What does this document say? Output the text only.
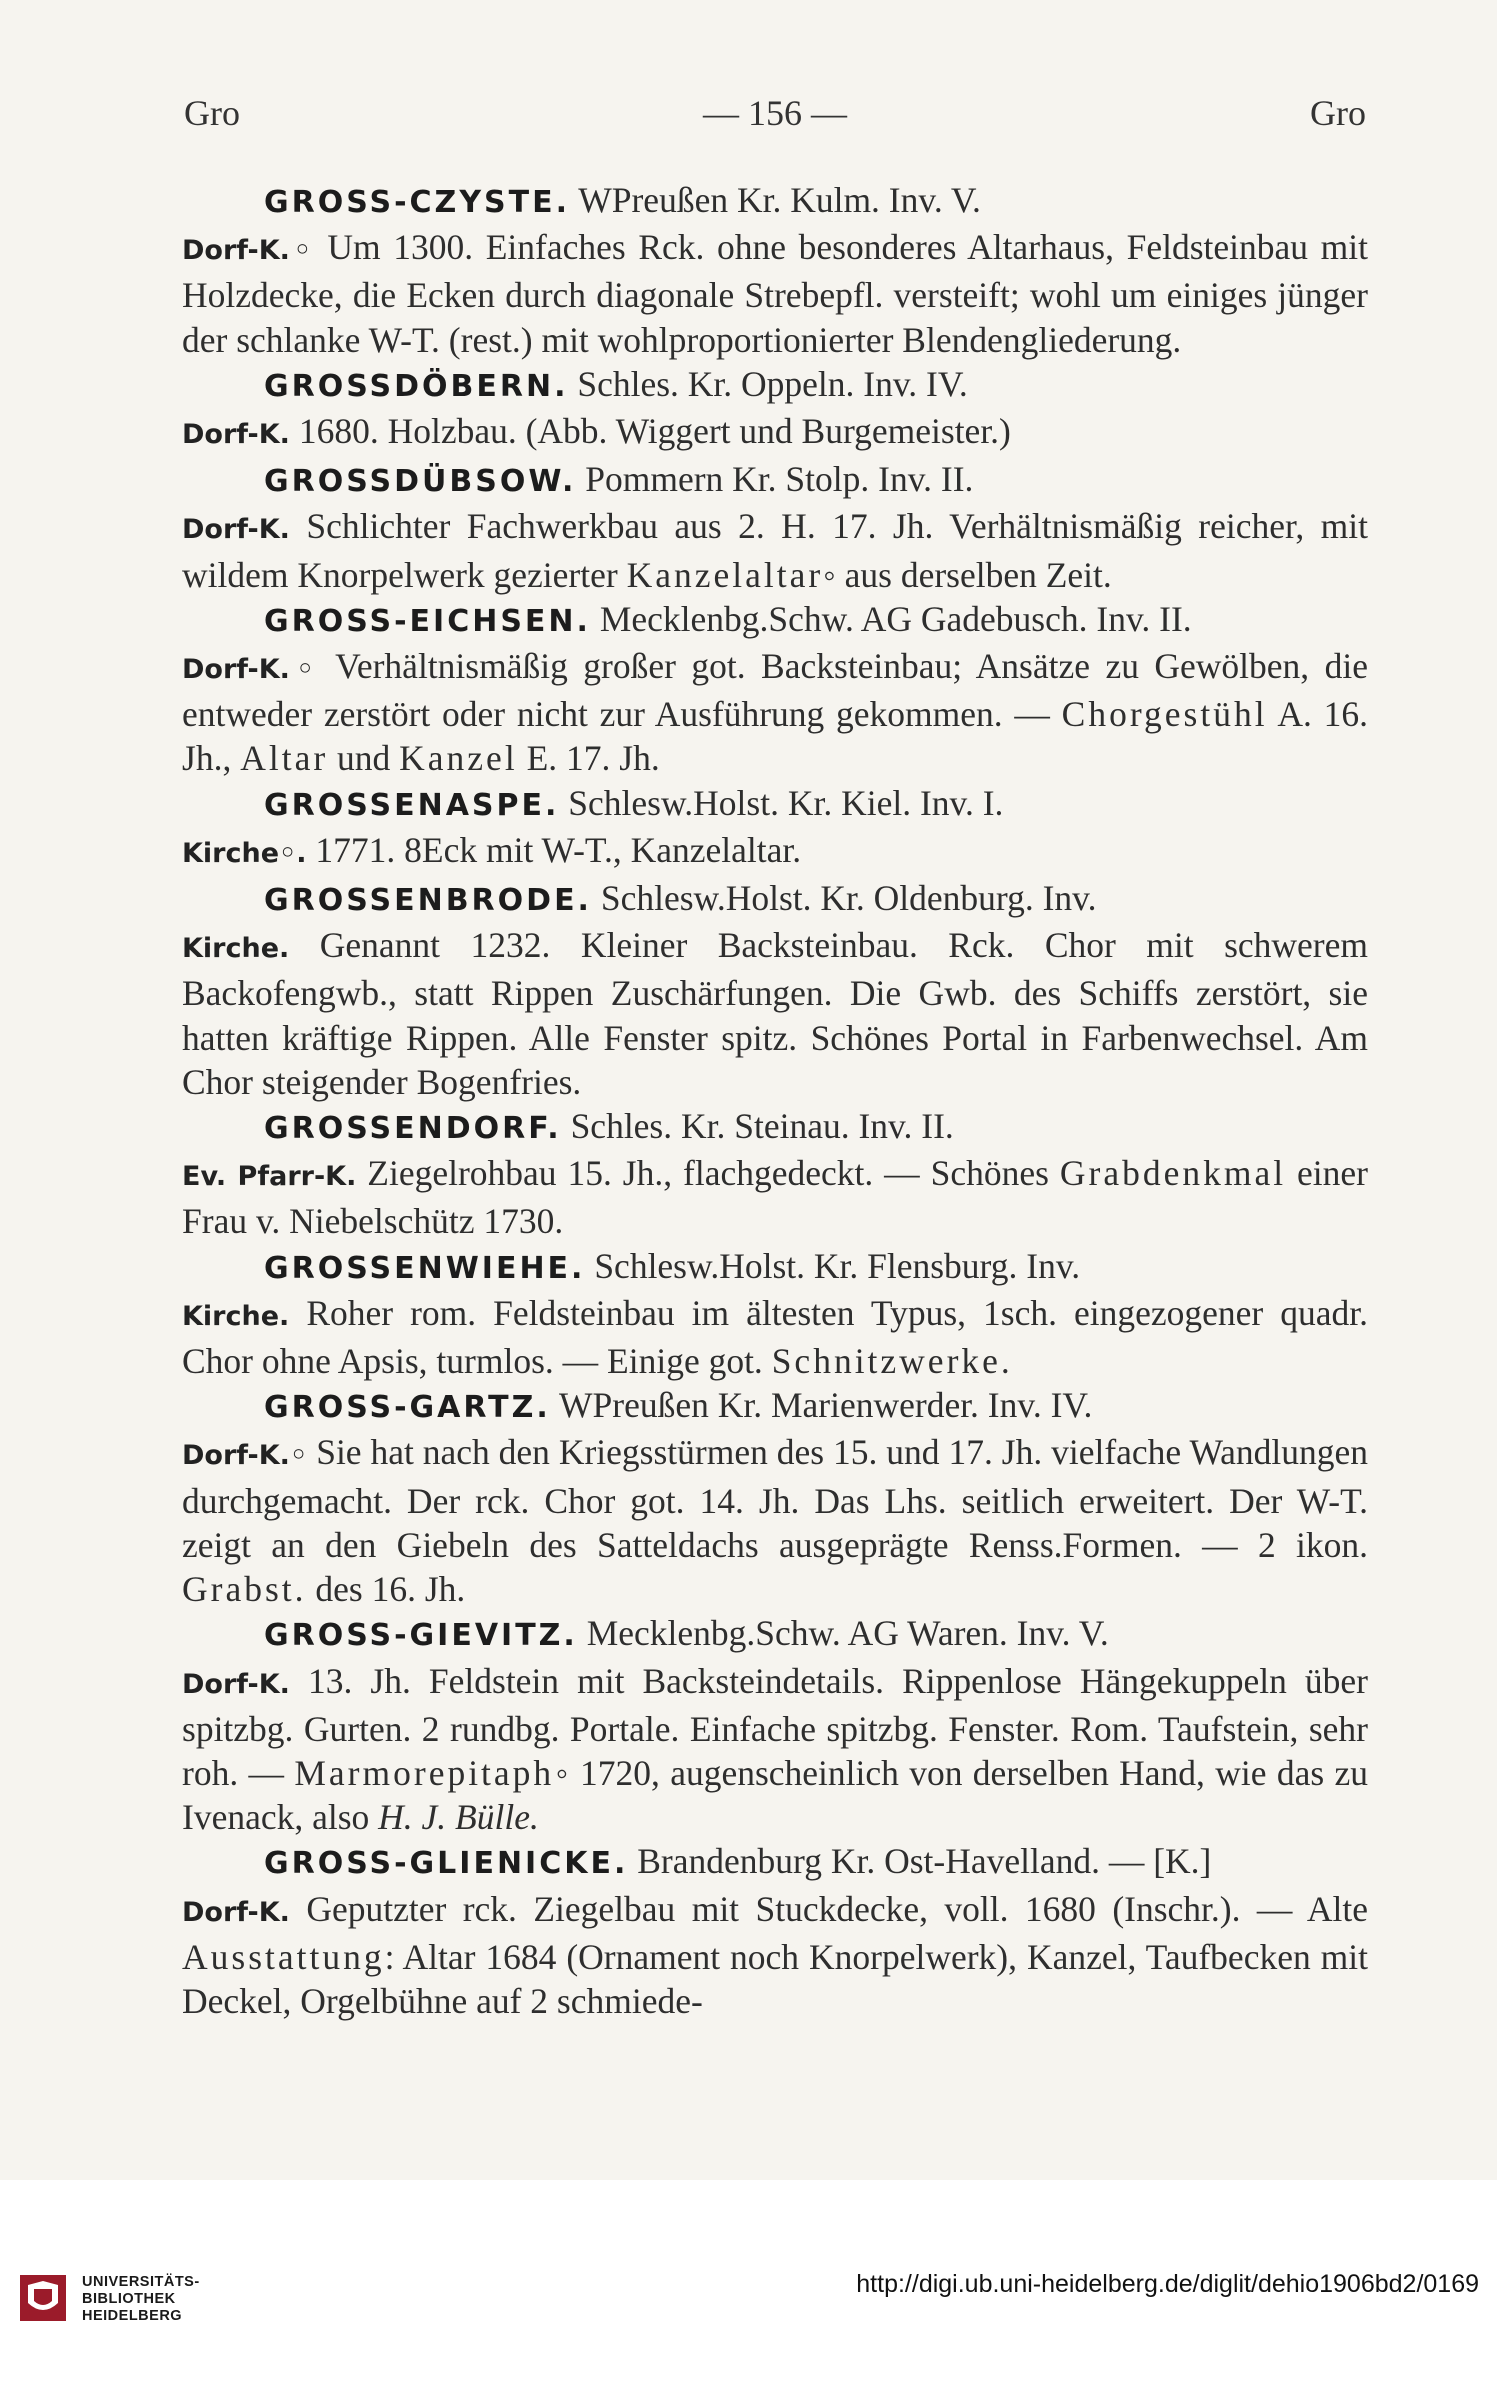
Gro	— 156 —	Gro
GROSS-CZYSTE. WPreußen Kr. Kulm. Inv. V.
Dorf-K.◦ Um 1300. Einfaches Rck. ohne besonderes Altarhaus, Feldsteinbau mit Holzdecke, die Ecken durch diagonale Strebepfl. versteift; wohl um einiges jünger der schlanke W-T. (rest.) mit wohlproportionierter Blendengliederung.
GROSSDÖBERN. Schles. Kr. Oppeln. Inv. IV.
Dorf-K. 1680. Holzbau. (Abb. Wiggert und Burgemeister.)
GROSSDÜBSOW. Pommern Kr. Stolp. Inv. II.
Dorf-K. Schlichter Fachwerkbau aus 2. H. 17. Jh. Verhältnismäßig reicher, mit wildem Knorpelwerk gezierter Kanzelaltar◦ aus derselben Zeit.
GROSS-EICHSEN. Mecklenbg.Schw. AG Gadebusch. Inv. II.
Dorf-K.◦ Verhältnismäßig großer got. Backsteinbau; Ansätze zu Gewölben, die entweder zerstört oder nicht zur Ausführung gekommen. — Chorgestühl A. 16. Jh., Altar und Kanzel E. 17. Jh.
GROSSENASPE. Schlesw.Holst. Kr. Kiel. Inv. I.
Kirche◦. 1771. 8Eck mit W-T., Kanzelaltar.
GROSSENBRODE. Schlesw.Holst. Kr. Oldenburg. Inv.
Kirche. Genannt 1232. Kleiner Backsteinbau. Rck. Chor mit schwerem Backofengwb., statt Rippen Zuschärfungen. Die Gwb. des Schiffs zerstört, sie hatten kräftige Rippen. Alle Fenster spitz. Schönes Portal in Farbenwechsel. Am Chor steigender Bogenfries.
GROSSENDORF. Schles. Kr. Steinau. Inv. II.
Ev. Pfarr-K. Ziegelrohbau 15. Jh., flachgedeckt. — Schönes Grabdenkmal einer Frau v. Niebelschütz 1730.
GROSSENWIEHE. Schlesw.Holst. Kr. Flensburg. Inv.
Kirche. Roher rom. Feldsteinbau im ältesten Typus, 1sch. eingezogener quadr. Chor ohne Apsis, turmlos. — Einige got. Schnitzwerke.
GROSS-GARTZ. WPreußen Kr. Marienwerder. Inv. IV.
Dorf-K.◦ Sie hat nach den Kriegsstürmen des 15. und 17. Jh. vielfache Wandlungen durchgemacht. Der rck. Chor got. 14. Jh. Das Lhs. seitlich erweitert. Der W-T. zeigt an den Giebeln des Satteldachs ausgeprägte Renss.Formen. — 2 ikon. Grabst. des 16. Jh.
GROSS-GIEVITZ. Mecklenbg.Schw. AG Waren. Inv. V.
Dorf-K. 13. Jh. Feldstein mit Backsteindetails. Rippenlose Hängekuppeln über spitzbg. Gurten. 2 rundbg. Portale. Einfache spitzbg. Fenster. Rom. Taufstein, sehr roh. — Marmorepitaph◦ 1720, augenscheinlich von derselben Hand, wie das zu Ivenack, also H. J. Bülle.
GROSS-GLIENICKE. Brandenburg Kr. Ost-Havelland. — [K.]
Dorf-K. Geputzter rck. Ziegelbau mit Stuckdecke, voll. 1680 (Inschr.). — Alte Ausstattung: Altar 1684 (Ornament noch Knorpelwerk), Kanzel, Taufbecken mit Deckel, Orgelbühne auf 2 schmiede-
UNIVERSITÄTS-
BIBLIOTHEK
HEIDELBERG
http://digi.ub.uni-heidelberg.de/diglit/dehio1906bd2/0169
